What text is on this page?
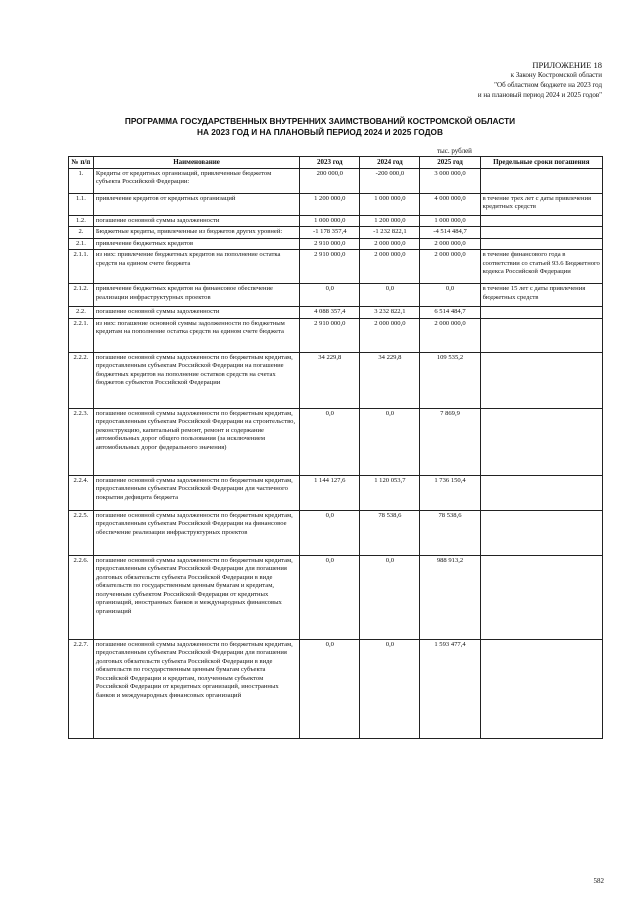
ПРИЛОЖЕНИЕ 18
к Закону Костромской области
"Об областном бюджете на 2023 год
и на плановый период 2024 и 2025 годов"
ПРОГРАММА ГОСУДАРСТВЕННЫХ ВНУТРЕННИХ ЗАИМСТВОВАНИЙ КОСТРОМСКОЙ ОБЛАСТИ
НА 2023 ГОД И НА ПЛАНОВЫЙ ПЕРИОД 2024 И 2025 ГОДОВ
тыс. рублей
№ п/п	Наименование	2023 год	2024 год	2025 год	Предельные сроки погашения
1.	Кредиты от кредитных организаций, привлеченные бюджетом субъекта Российской Федерации:	200 000,0	-200 000,0	3 000 000,0	
1.1.	привлечение кредитов от кредитных организаций	1 200 000,0	1 000 000,0	4 000 000,0	в течение трех лет с даты привлечения кредитных средств
1.2.	погашение основной суммы задолженности	1 000 000,0	1 200 000,0	1 000 000,0	
2.	Бюджетные кредиты, привлеченные из бюджетов других уровней:	-1 178 357,4	-1 232 822,1	-4 514 484,7	
2.1.	привлечение бюджетных кредитов	2 910 000,0	2 000 000,0	2 000 000,0	
2.1.1.	из них: привлечение бюджетных кредитов на пополнение остатка средств на едином счете бюджета	2 910 000,0	2 000 000,0	2 000 000,0	в течение финансового года в соответствии со статьей 93.6 Бюджетного кодекса Российской Федерации
2.1.2.	привлечение бюджетных кредитов на финансовое обеспечение реализации инфраструктурных проектов	0,0	0,0	0,0	в течение 15 лет с даты привлечения бюджетных средств
2.2.	погашение основной суммы задолженности	4 088 357,4	3 232 822,1	6 514 484,7	
2.2.1.	из них: погашение основной суммы задолженности по бюджетным кредитам на пополнение остатка средств на едином счете бюджета	2 910 000,0	2 000 000,0	2 000 000,0	
2.2.2.	погашение основной суммы задолженности по бюджетным кредитам, предоставленным субъектам Российской Федерации на погашение бюджетных кредитов на пополнение остатков средств на счетах бюджетов субъектов Российской Федерации	34 229,8	34 229,8	109 535,2	
2.2.3.	погашение основной суммы задолженности по бюджетным кредитам, предоставленным субъектам Российской Федерации на строительство, реконструкцию, капитальный ремонт, ремонт и содержание автомобильных дорог общего пользования (за исключением автомобильных дорог федерального значения)	0,0	0,0	7 869,9	
2.2.4.	погашение основной суммы задолженности по бюджетным кредитам, предоставленным субъектам Российской Федерации для частичного покрытия дефицита бюджета	1 144 127,6	1 120 053,7	1 736 150,4	
2.2.5.	погашение основной суммы задолженности по бюджетным кредитам, предоставленным субъектам Российской Федерации на финансовое обеспечение реализации инфраструктурных проектов	0,0	78 538,6	78 538,6	
2.2.6.	погашение основной суммы задолженности по бюджетным кредитам, предоставленным субъектам Российской Федерации для погашения долговых обязательств субъекта Российской Федерации в виде обязательств по государственным ценным бумагам и кредитам, полученным субъектом Российской Федерации от кредитных организаций, иностранных банков и международных финансовых организаций	0,0	0,0	988 913,2	
2.2.7.	погашение основной суммы задолженности по бюджетным кредитам, предоставленным субъектам Российской Федерации для погашения долговых обязательств субъекта Российской Федерации в виде обязательств по государственным ценным бумагам субъекта Российской Федерации и кредитам, полученным субъектом Российской Федерации от кредитных организаций, иностранных банков и международных финансовых организаций	0,0	0,0	1 593 477,4	
582
